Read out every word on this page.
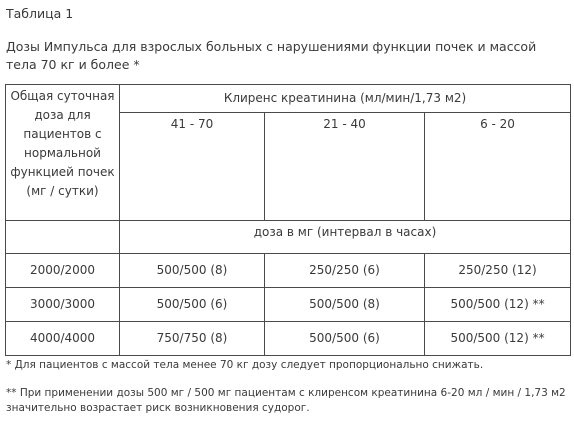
Таблица 1
Дозы Импульса для взрослых больных с нарушениями функции почек и массой тела 70 кг и более *
Общая суточная доза для пациентов с нормальной функцией почек (мг / сутки)	Клиренс креатинина (мл/мин/1,73 м2)		
	41 - 70	21 - 40	6 - 20
	доза в мг (интервал в часах)		
2000/2000	500/500 (8)	250/250 (6)	250/250 (12)
3000/3000	500/500 (6)	500/500 (8)	500/500 (12) **
4000/4000	750/750 (8)	500/500 (6)	500/500 (12) **

* Для пациентов с массой тела менее 70 кг дозу следует пропорционально снижать.

** При применении дозы 500 мг / 500 мг пациентам с клиренсом креатинина 6-20 мл / мин / 1,73 м2 значительно возрастает риск возникновения судорог.
